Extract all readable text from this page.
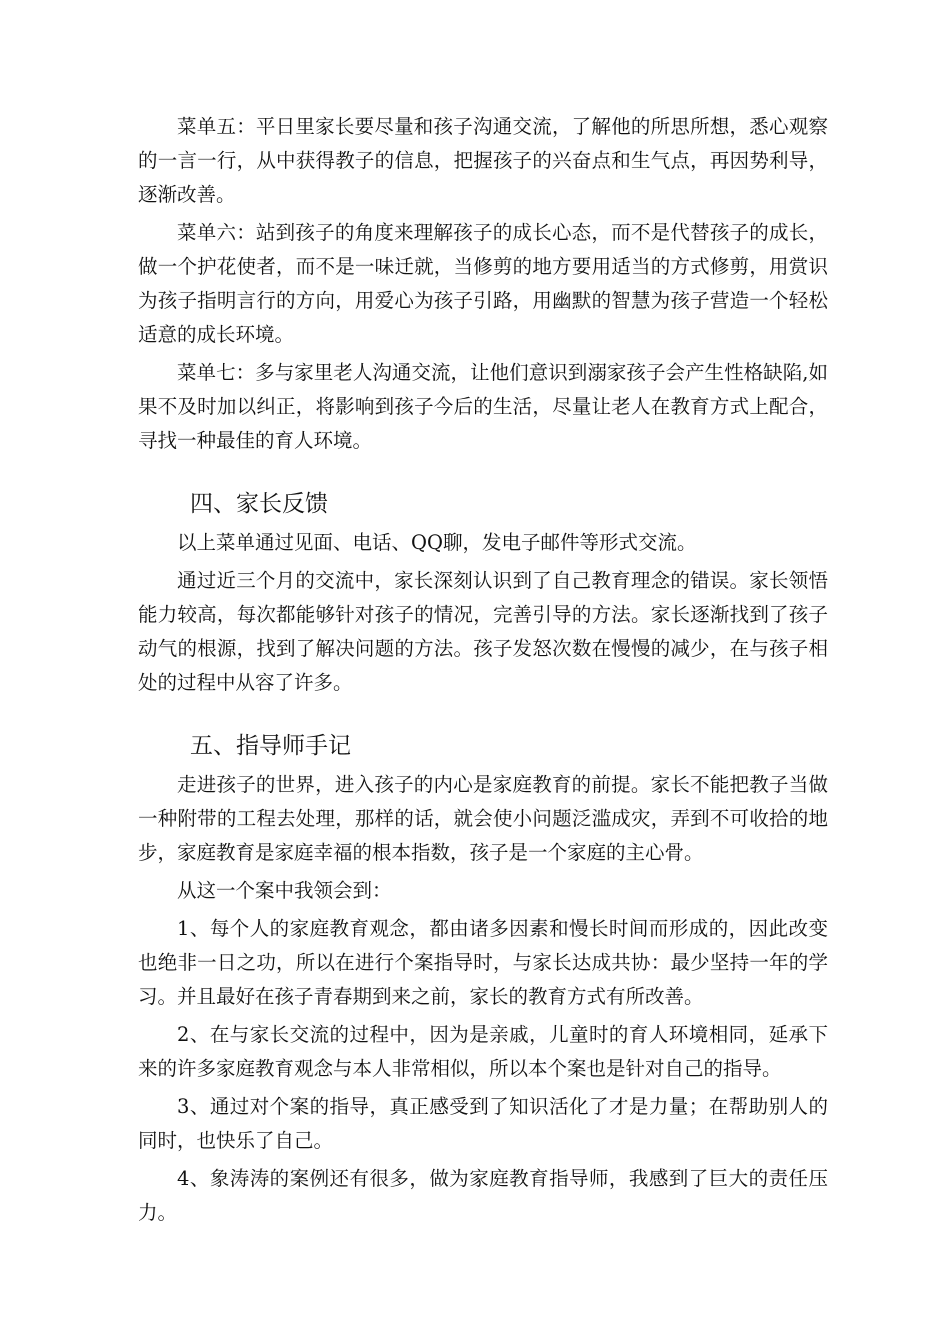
菜单五：平日里家长要尽量和孩子沟通交流，了解他的所思所想，悉心观察的一言一行，从中获得教子的信息，把握孩子的兴奋点和生气点，再因势利导，逐渐改善。

菜单六：站到孩子的角度来理解孩子的成长心态，而不是代替孩子的成长，做一个护花使者，而不是一味迁就，当修剪的地方要用适当的方式修剪，用赏识为孩子指明言行的方向，用爱心为孩子引路，用幽默的智慧为孩子营造一个轻松适意的成长环境。

菜单七：多与家里老人沟通交流，让他们意识到溺家孩子会产生性格缺陷,如果不及时加以纠正，将影响到孩子今后的生活，尽量让老人在教育方式上配合，寻找一种最佳的育人环境。

四、家长反馈

以上菜单通过见面、电话、QQ聊，发电子邮件等形式交流。

通过近三个月的交流中，家长深刻认识到了自己教育理念的错误。家长领悟能力较高，每次都能够针对孩子的情况，完善引导的方法。家长逐渐找到了孩子动气的根源，找到了解决问题的方法。孩子发怒次数在慢慢的减少，在与孩子相处的过程中从容了许多。

五、指导师手记

走进孩子的世界，进入孩子的内心是家庭教育的前提。家长不能把教子当做一种附带的工程去处理，那样的话，就会使小问题泛滥成灾，弄到不可收拾的地步，家庭教育是家庭幸福的根本指数，孩子是一个家庭的主心骨。

从这一个案中我领会到：

1、每个人的家庭教育观念，都由诸多因素和慢长时间而形成的，因此改变也绝非一日之功，所以在进行个案指导时，与家长达成共协：最少坚持一年的学习。并且最好在孩子青春期到来之前，家长的教育方式有所改善。

2、在与家长交流的过程中，因为是亲戚，儿童时的育人环境相同，延承下来的许多家庭教育观念与本人非常相似，所以本个案也是针对自己的指导。

3、通过对个案的指导，真正感受到了知识活化了才是力量；在帮助别人的同时，也快乐了自己。

4、象涛涛的案例还有很多，做为家庭教育指导师，我感到了巨大的责任压力。
